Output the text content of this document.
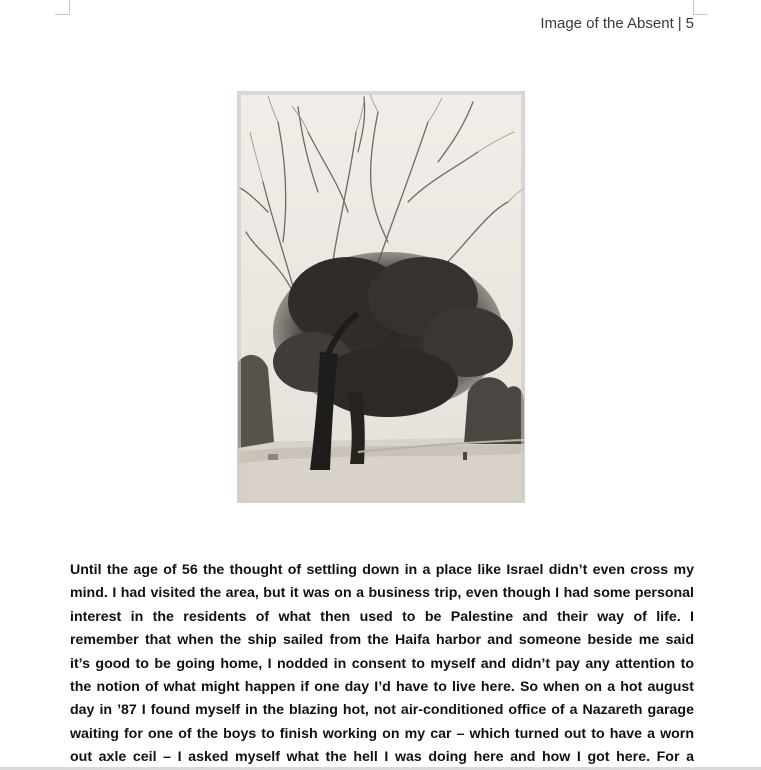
Image of the Absent | 5
Until the age of 56 the thought of settling down in a place like Israel didn’t even cross my
mind. I had visited the area, but it was on a business trip, even though I had some personal
interest in the residents of what then used to be Palestine and their way of life. I
remember that when the ship sailed from the Haifa harbor and someone beside me said
it’s good to be going home, I nodded in consent to myself and didn’t pay any attention to
the notion of what might happen if one day I’d have to live here. So when on a hot august
day in ’87 I found myself in the blazing hot, not air-conditioned office of a Nazareth garage
waiting for one of the boys to finish working on my car – which turned out to have a worn
out axle ceil – I asked myself what the hell I was doing here and how I got here. For a
